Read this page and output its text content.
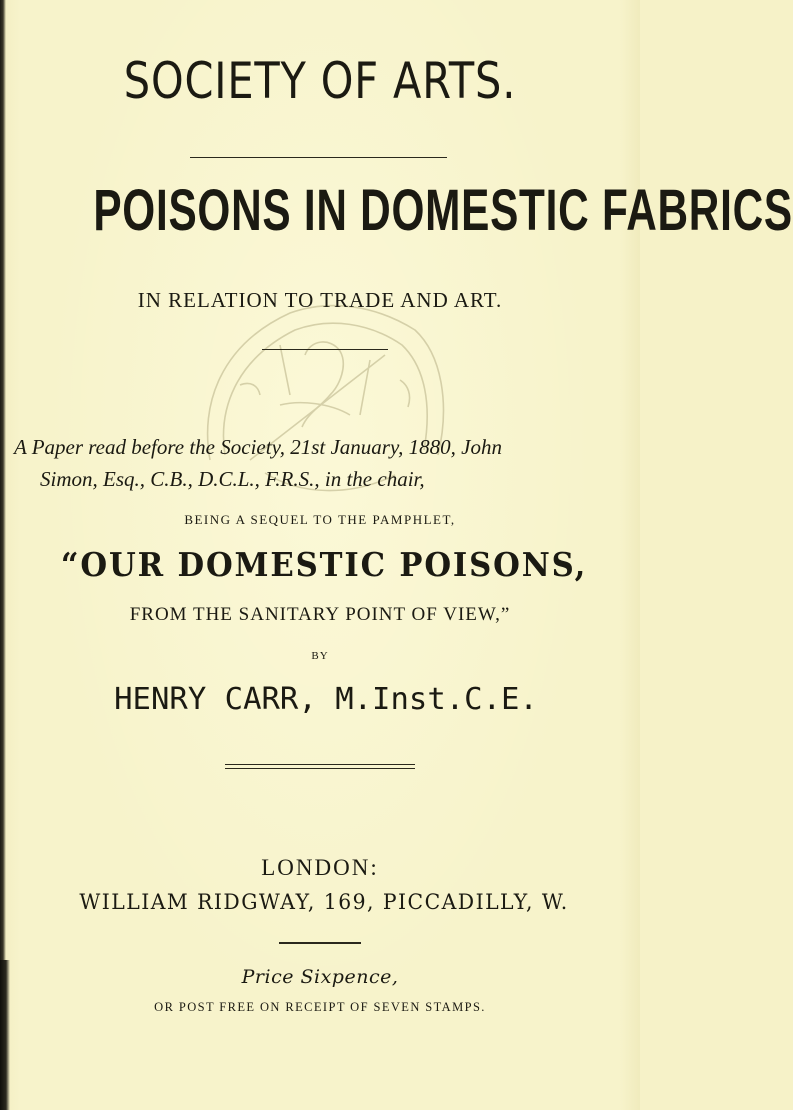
SOCIETY OF ARTS.
POISONS IN DOMESTIC FABRICS
IN RELATION TO TRADE AND ART.
A Paper read before the Society, 21st January, 1880, John
Simon, Esq., C.B., D.C.L., F.R.S., in the chair,
BEING A SEQUEL TO THE PAMPHLET,
“OUR DOMESTIC POISONS,
FROM THE SANITARY POINT OF VIEW,”
BY
HENRY CARR, M.Inst.C.E.
LONDON:
WILLIAM RIDGWAY, 169, PICCADILLY, W.
Price Sixpence,
OR POST FREE ON RECEIPT OF SEVEN STAMPS.
